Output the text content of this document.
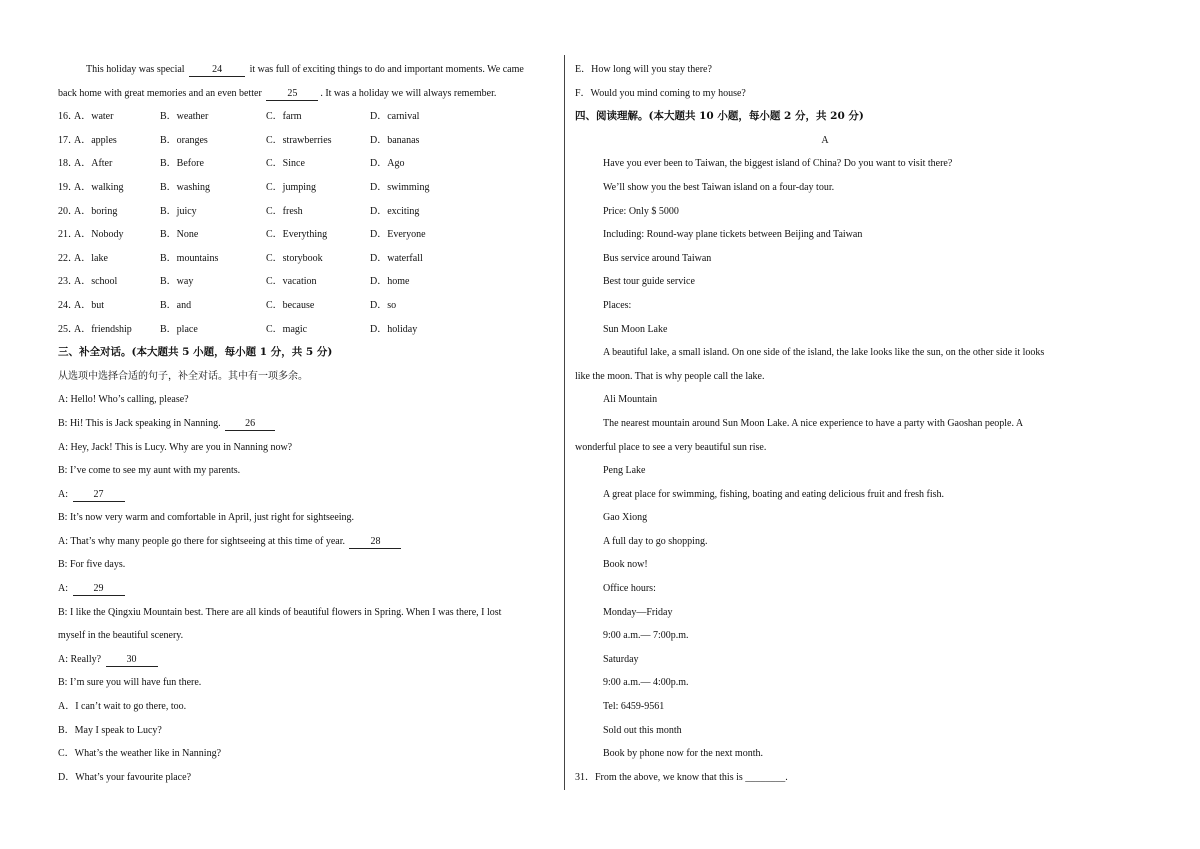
This holiday was special	24	it was full of exciting things to do and important moments. We came
back home with great memories and an even better	25 . It was a holiday we will always remember.
16．
A．water	B．weather	C．farm	D．carnival
17．
A．apples	B．oranges	C．strawberries	D．bananas
18．
A．After	B．Before	C．Since	D．Ago
19．
A．walking	B．washing	C．jumping	D．swimming
20．
A．boring	B．juicy	C．fresh	D．exciting
21．
A．Nobody	B．None	C．Everything	D．Everyone
22．
A．lake	B．mountains	C．storybook	D．waterfall
23．
A．school	B．way	C．vacation	D．home
24．
A．but	B．and	C．because	D．so
25．
A．friendship	B．place	C．magic	D．holiday
三、补全对话。(本大题共 5 小题，每小题 1 分，共 5 分)
从选项中选择合适的句子，补全对话。其中有一项多余。
A: Hello! Who’s calling, please?
B: Hi! This is Jack speaking in Nanning. 26
A: Hey, Jack! This is Lucy. Why are you in Nanning now?
B: I’ve come to see my aunt with my parents.
A:	27
B: It’s now very warm and comfortable in April, just right for sightseeing.
A: That’s why many people go there for sightseeing at this time of year.	28
B: For five days.
A:	29
B: I like the Qingxiu Mountain best. There are all kinds of beautiful flowers in Spring. When I was there, I lost
myself in the beautiful scenery.
A: Really?	30
B: I’m sure you will have fun there.
A．I can’t wait to go there, too.
B．May I speak to Lucy?
C．What’s the weather like in Nanning?
D．What’s your favourite place?
E．How long will you stay there?
F．Would you mind coming to my house?
四、阅读理解。(本大题共 10 小题，每小题 2 分，共 20 分)
A
Have you ever been to Taiwan, the biggest island of China? Do you want to visit there?
We’ll show you the best Taiwan island on a four-day tour.
Price: Only $ 5000
Including: Round-way plane tickets between Beijing and Taiwan
Bus service around Taiwan
Best tour guide service
Places:
Sun Moon Lake
A beautiful lake, a small island. On one side of the island, the lake looks like the sun, on the other side it looks
like the moon. That is why people call the lake.
Ali Mountain
The nearest mountain around Sun Moon Lake. A nice experience to have a party with Gaoshan people. A
wonderful place to see a very beautiful sun rise.
Peng Lake
A great place for swimming, fishing, boating and eating delicious fruit and fresh fish.
Gao Xiong
A full day to go shopping.
Book now!
Office hours:
Monday—Friday
9:00 a.m.— 7:00p.m.
Saturday
9:00 a.m.— 4:00p.m.
Tel: 6459-9561
Sold out this month
Book by phone now for the next month.
31．From the above, we know that this is ________.
